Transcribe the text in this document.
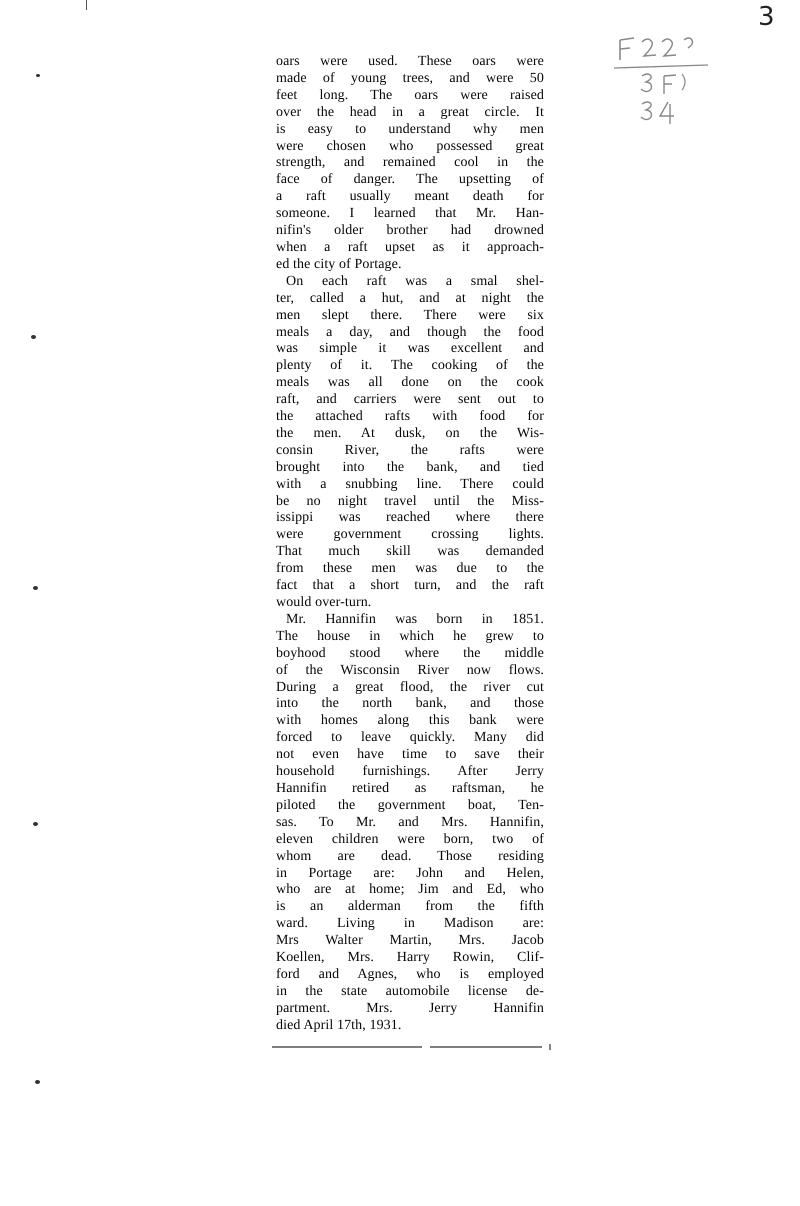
3
F 22? / 3 F / 34

oars were used. These oars were
made of young trees, and were 50
feet long. The oars were raised
over the head in a great circle. It
is easy to understand why men
were chosen who possessed great
strength, and remained cool in the
face of danger. The upsetting of
a raft usually meant death for
someone. I learned that Mr. Han-
nifin's older brother had drowned
when a raft upset as it approach-
ed the city of Portage.

On each raft was a smal shel-
ter, called a hut, and at night the
men slept there. There were six
meals a day, and though the food
was simple it was excellent and
plenty of it. The cooking of the
meals was all done on the cook
raft, and carriers were sent out to
the attached rafts with food for
the men. At dusk, on the Wis-
consin River, the rafts were
brought into the bank, and tied
with a snubbing line. There could
be no night travel until the Miss-
issippi was reached where there
were government crossing lights.
That much skill was demanded
from these men was due to the
fact that a short turn, and the raft
would over-turn.

Mr. Hannifin was born in 1851.
The house in which he grew to
boyhood stood where the middle
of the Wisconsin River now flows.
During a great flood, the river cut
into the north bank, and those
with homes along this bank were
forced to leave quickly. Many did
not even have time to save their
household furnishings. After Jerry
Hannifin retired as raftsman, he
piloted the government boat, Ten-
sas. To Mr. and Mrs. Hannifin,
eleven children were born, two of
whom are dead. Those residing
in Portage are: John and Helen,
who are at home; Jim and Ed, who
is an alderman from the fifth
ward. Living in Madison are:
Mrs Walter Martin, Mrs. Jacob
Koellen, Mrs. Harry Rowin, Clif-
ford and Agnes, who is employed
in the state automobile license de-
partment. Mrs. Jerry Hannifin
died April 17th, 1931.
